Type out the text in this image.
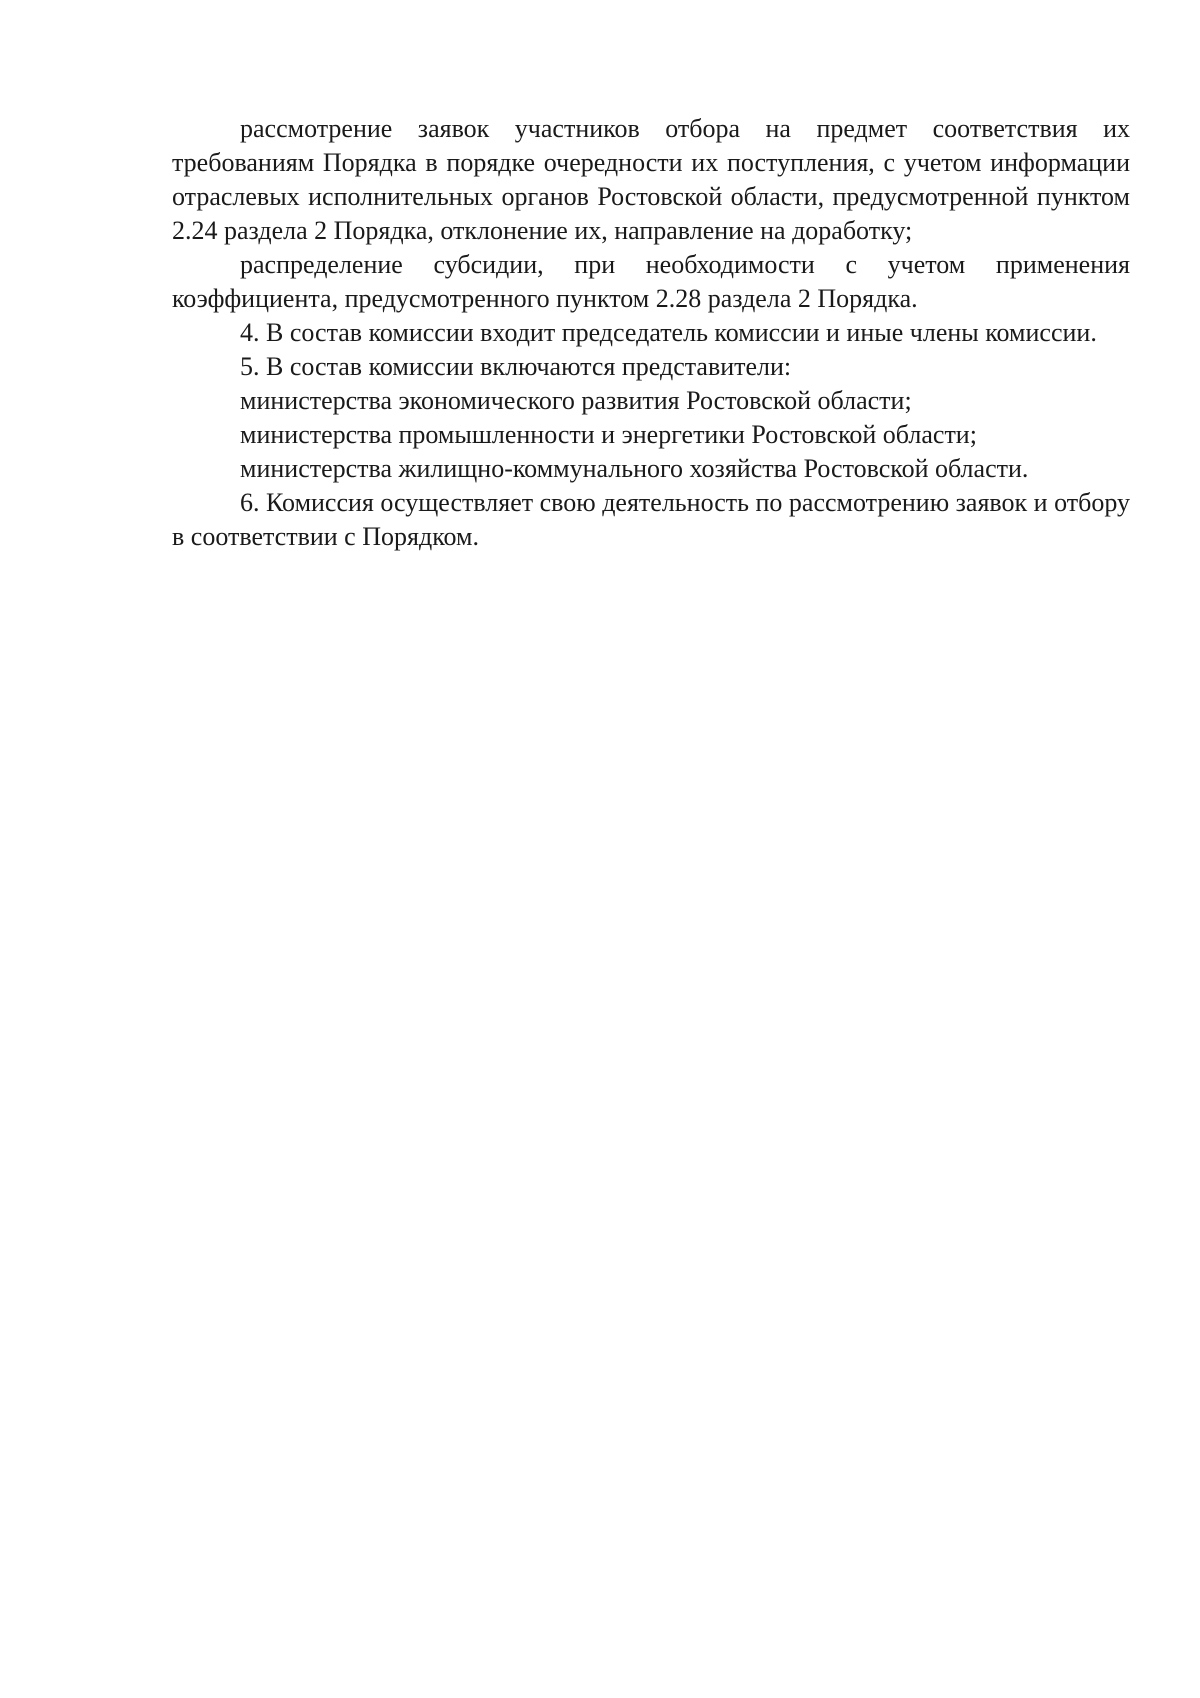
рассмотрение заявок участников отбора на предмет соответствия их требованиям Порядка в порядке очередности их поступления, с учетом информации отраслевых исполнительных органов Ростовской области, предусмотренной пунктом 2.24 раздела 2 Порядка, отклонение их, направление на доработку;

распределение субсидии, при необходимости с учетом применения коэффициента, предусмотренного пунктом 2.28 раздела 2 Порядка.

4. В состав комиссии входит председатель комиссии и иные члены комиссии.

5. В состав комиссии включаются представители:

министерства экономического развития Ростовской области;

министерства промышленности и энергетики Ростовской области;

министерства жилищно-коммунального хозяйства Ростовской области.

6. Комиссия осуществляет свою деятельность по рассмотрению заявок и отбору в соответствии с Порядком.
